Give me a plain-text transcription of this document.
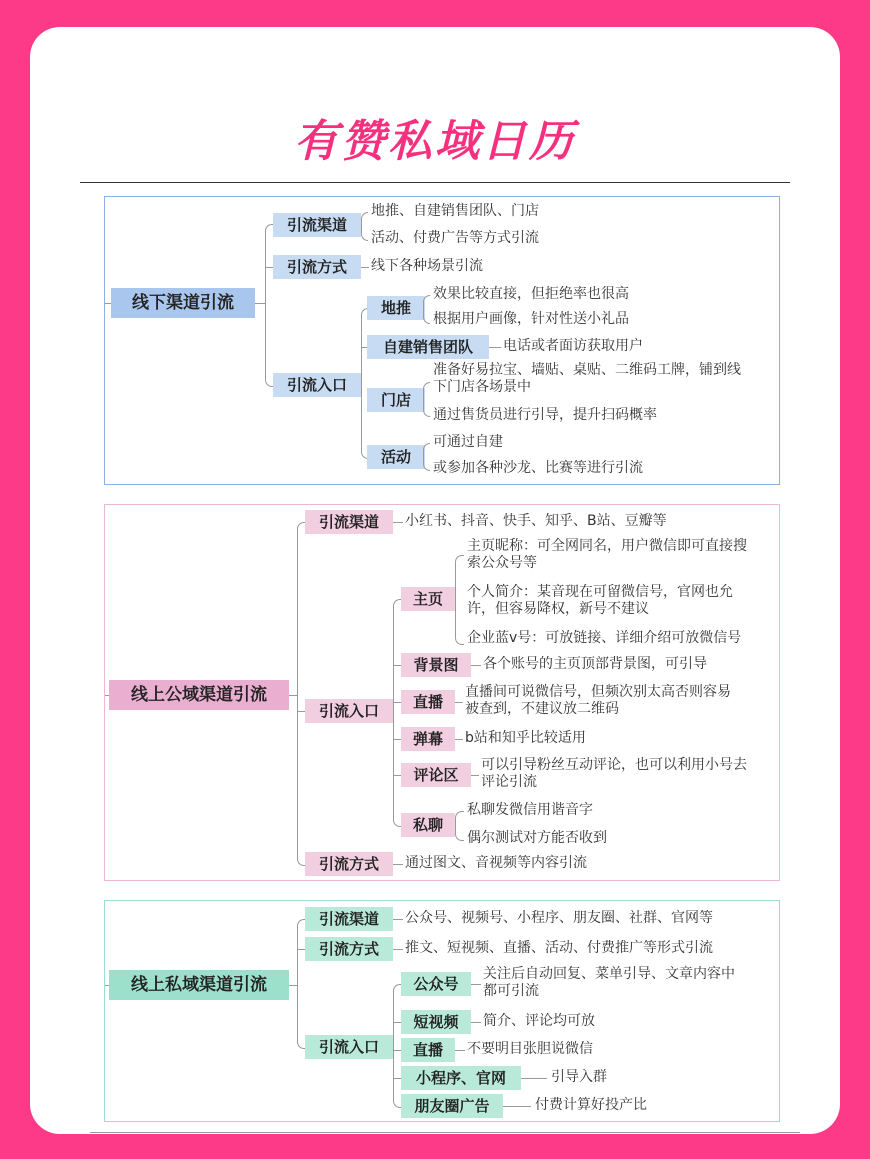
有赞私域日历
线下渠道引流
引流渠道
地推、自建销售团队、门店
活动、付费广告等方式引流
引流方式	线下各种场景引流
引流入口
地推
效果比较直接，但拒绝率也很高
根据用户画像，针对性送小礼品
自建销售团队	电话或者面访获取用户
门店
准备好易拉宝、墙贴、桌贴、二维码工牌，铺到线
下门店各场景中
通过售货员进行引导，提升扫码概率
活动
可通过自建
或参加各种沙龙、比赛等进行引流
线上公域渠道引流
引流渠道	小红书、抖音、快手、知乎、B站、豆瓣等
引流入口
主页
主页昵称：可全网同名，用户微信即可直接搜
索公众号等
个人简介：某音现在可留微信号，官网也允
许，但容易降权，新号不建议
企业蓝v号：可放链接、详细介绍可放微信号
背景图	各个账号的主页顶部背景图，可引导
直播
直播间可说微信号，但频次别太高否则容易
被查到，不建议放二维码
弹幕	b站和知乎比较适用
评论区
可以引导粉丝互动评论，也可以利用小号去
评论引流
私聊
私聊发微信用谐音字
偶尔测试对方能否收到
引流方式	通过图文、音视频等内容引流
线上私域渠道引流
引流渠道	公众号、视频号、小程序、朋友圈、社群、官网等
引流方式	推文、短视频、直播、活动、付费推广等形式引流
引流入口
公众号
关注后自动回复、菜单引导、文章内容中
都可引流
短视频	简介、评论均可放
直播	不要明目张胆说微信
小程序、官网	引导入群
朋友圈广告	付费计算好投产比
